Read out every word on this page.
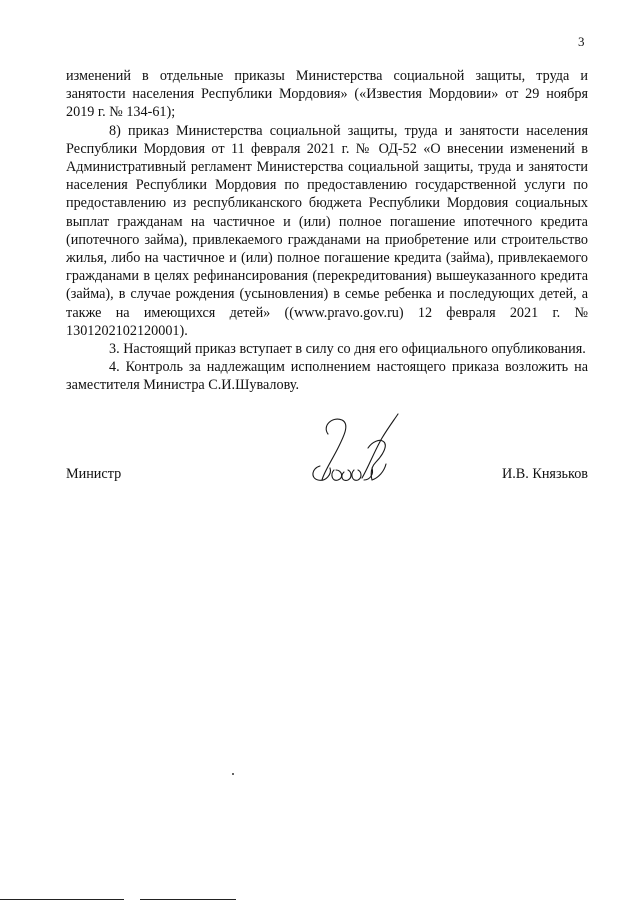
3

изменений в отдельные приказы Министерства социальной защиты, труда и занятости населения Республики Мордовия» («Известия Мордовии» от 29 ноября 2019 г. № 134-61);

8) приказ Министерства социальной защиты, труда и занятости населения Республики Мордовия от 11 февраля 2021 г. № ОД-52 «О внесении изменений в Административный регламент Министерства социальной защиты, труда и занятости населения Республики Мордовия по предоставлению государственной услуги по предоставлению из республиканского бюджета Республики Мордовия социальных выплат гражданам на частичное и (или) полное погашение ипотечного кредита (ипотечного займа), привлекаемого гражданами на приобретение или строительство жилья, либо на частичное и (или) полное погашение кредита (займа), привлекаемого гражданами в целях рефинансирования (перекредитования) вышеуказанного кредита (займа), в случае рождения (усыновления) в семье ребенка и последующих детей, а также на имеющихся детей» ((www.pravo.gov.ru) 12 февраля 2021 г. № 1301202102120001).

3. Настоящий приказ вступает в силу со дня его официального опубликования.

4. Контроль за надлежащим исполнением настоящего приказа возложить на заместителя Министра С.И.Шувалову.

Министр	И.В. Князьков
